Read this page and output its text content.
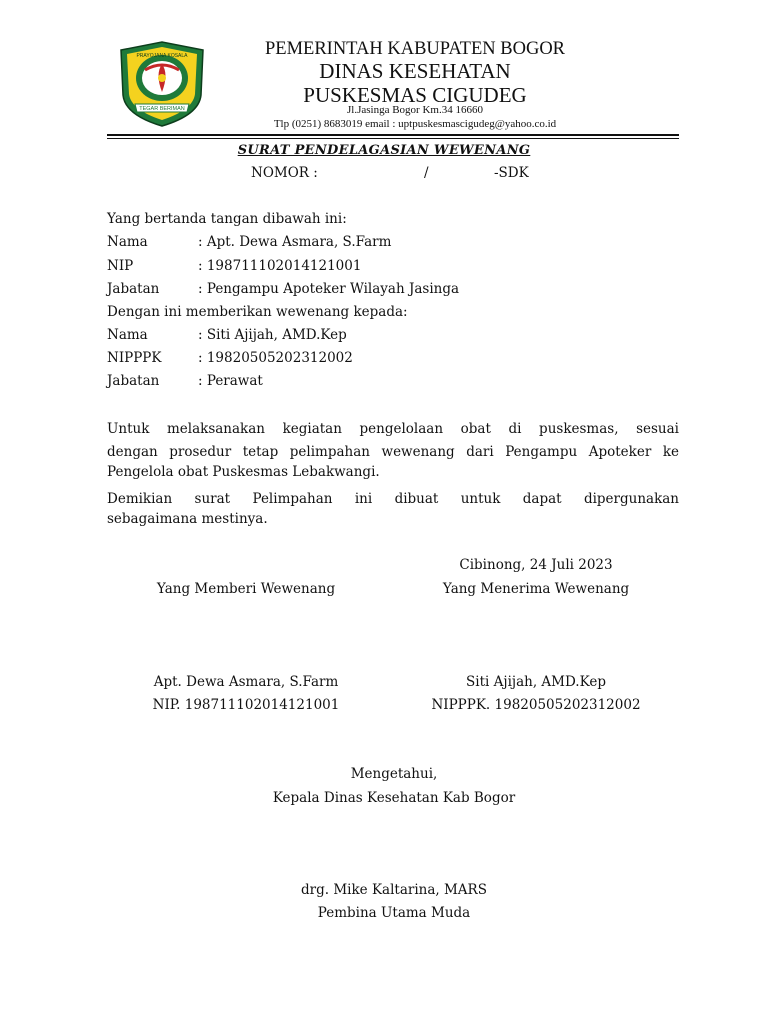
PRAYOJANA KOSALA
TEGAR BERIMAN
PEMERINTAH KABUPATEN BOGOR
DINAS KESEHATAN
PUSKESMAS CIGUDEG
Jl.Jasinga Bogor Km.34 16660
Tlp (0251) 8683019 email : uptpuskesmascigudeg@yahoo.co.id
SURAT PENDELAGASIAN WEWENANG
NOMOR :	/	-SDK
Yang bertanda tangan dibawah ini:
Nama	: Apt. Dewa Asmara, S.Farm
NIP	: 198711102014121001
Jabatan	: Pengampu Apoteker Wilayah Jasinga
Dengan ini memberikan wewenang kepada:
Nama	: Siti Ajijah, AMD.Kep
NIPPPK	: 19820505202312002
Jabatan	: Perawat
Untuk melaksanakan kegiatan pengelolaan obat di puskesmas, sesuai
dengan prosedur tetap pelimpahan wewenang dari Pengampu Apoteker ke
Pengelola obat Puskesmas Lebakwangi.
Demikian surat Pelimpahan ini dibuat untuk dapat dipergunakan
sebagaimana mestinya.
Cibinong, 24 Juli 2023
Yang Memberi Wewenang	Yang Menerima Wewenang
Apt. Dewa Asmara, S.Farm	Siti Ajijah, AMD.Kep
NIP. 198711102014121001	NIPPPK. 19820505202312002
Mengetahui,
Kepala Dinas Kesehatan Kab Bogor
drg. Mike Kaltarina, MARS
Pembina Utama Muda
